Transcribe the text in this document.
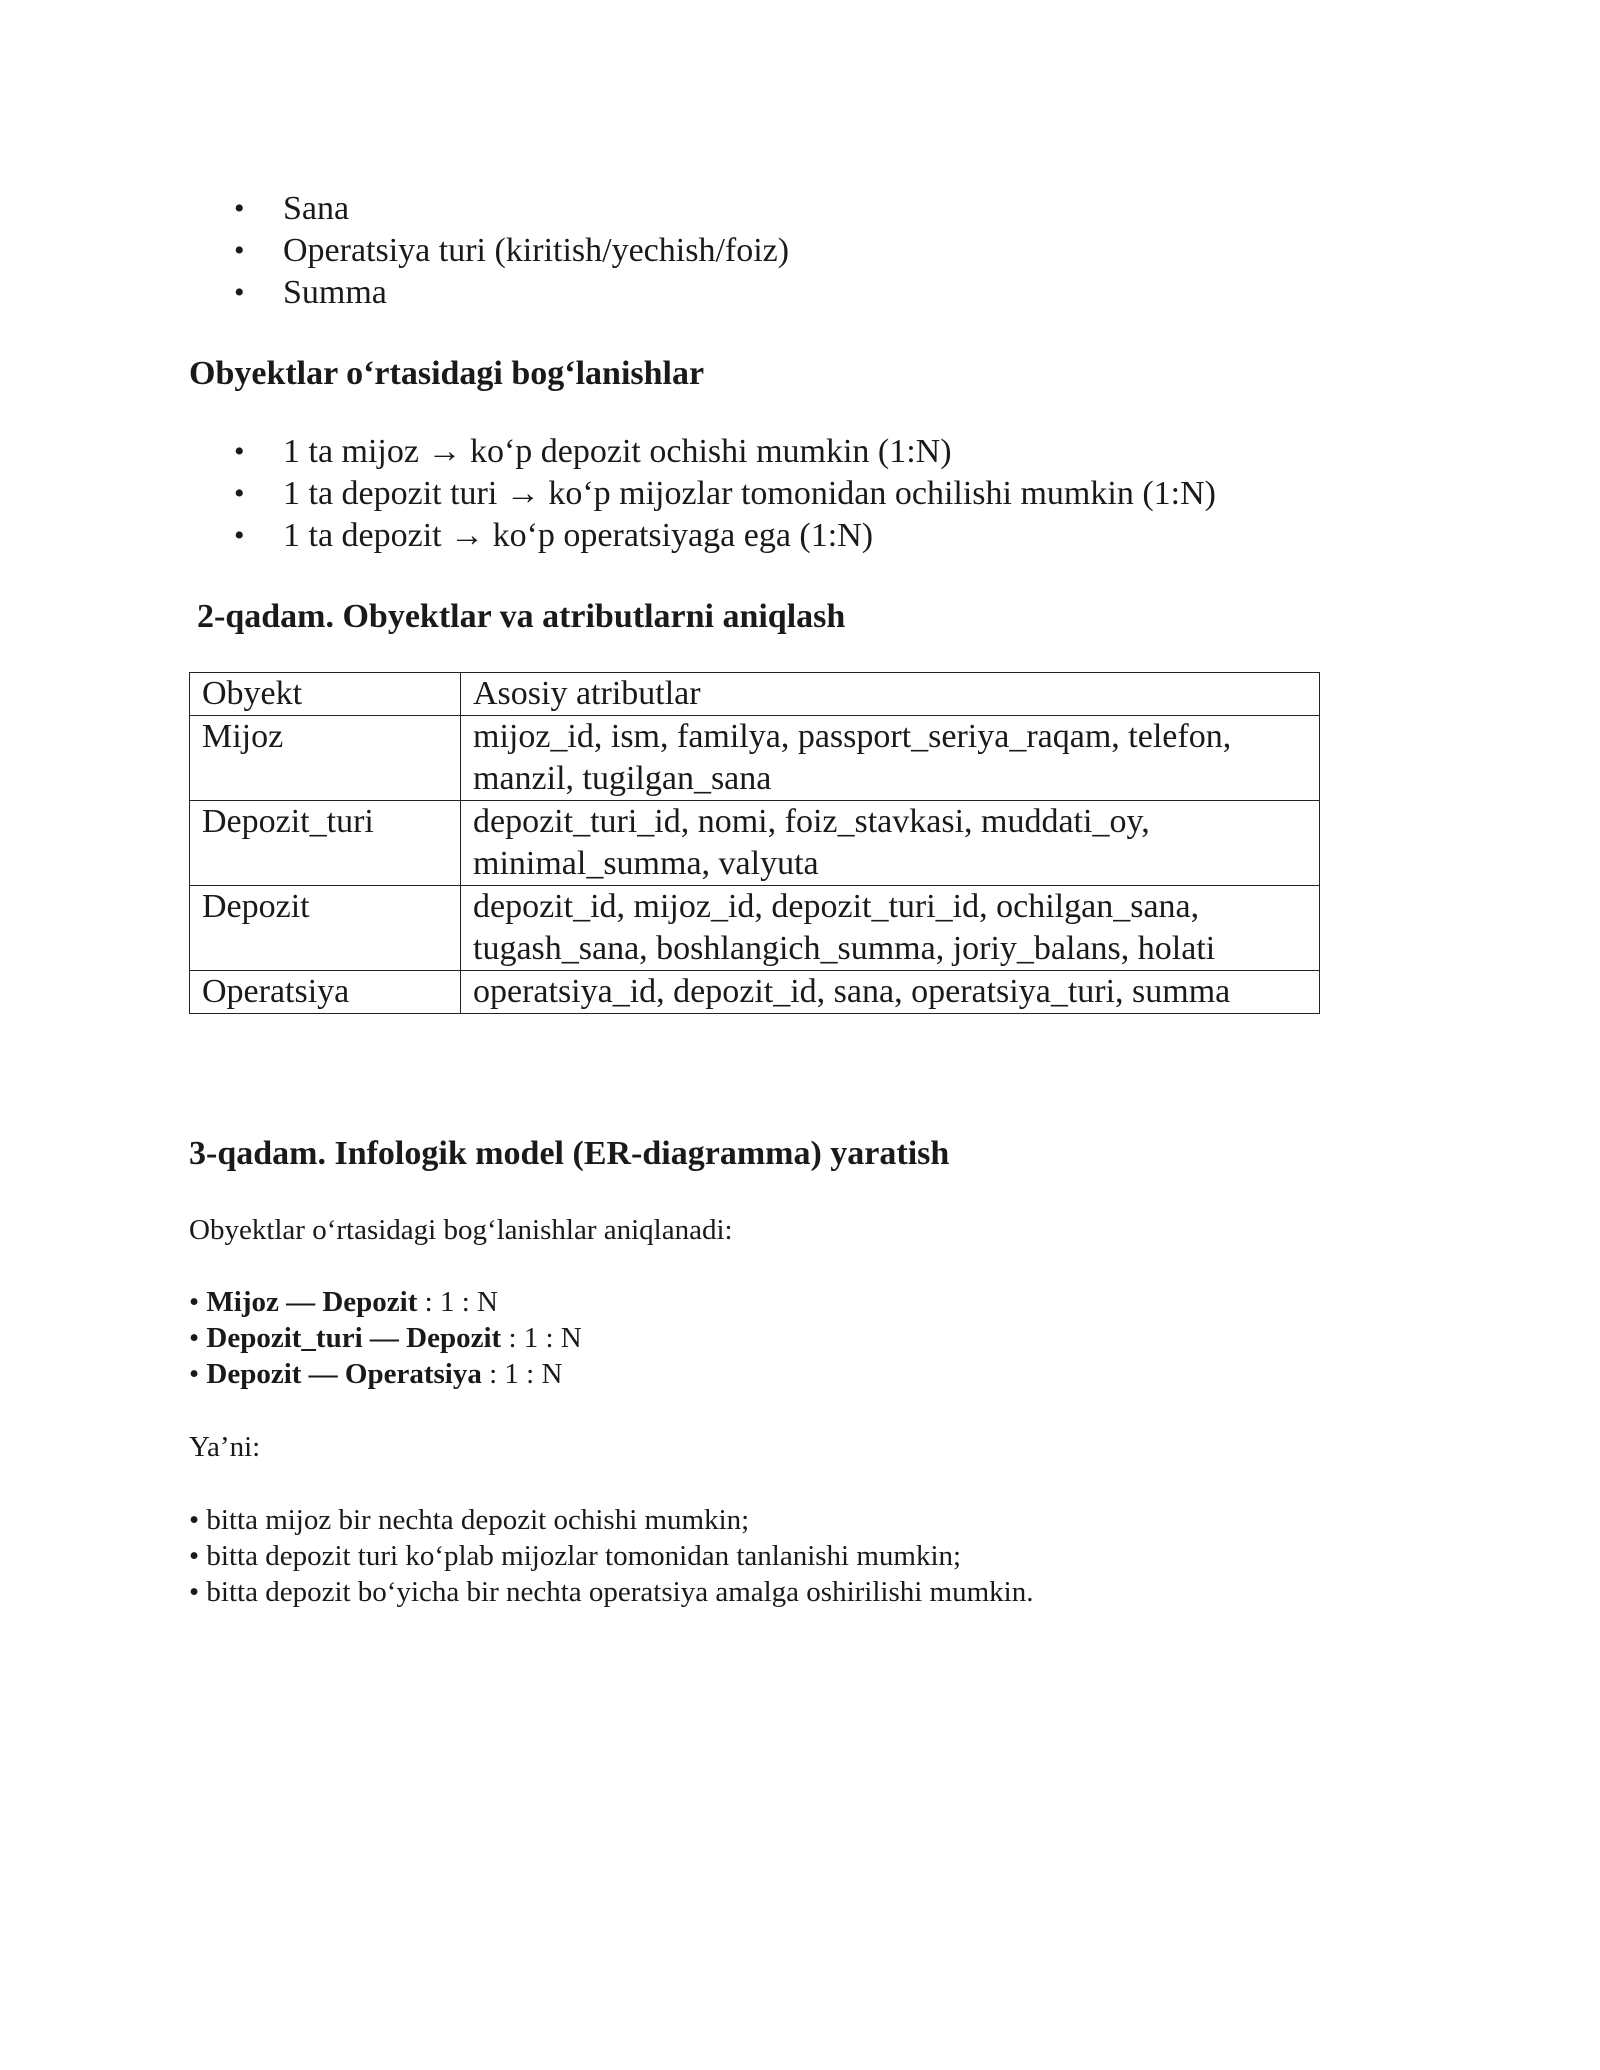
• Sana
• Operatsiya turi (kiritish/yechish/foiz)
• Summa
Obyektlar o‘rtasidagi bog‘lanishlar
• 1 ta mijoz → ko‘p depozit ochishi mumkin (1:N)
• 1 ta depozit turi → ko‘p mijozlar tomonidan ochilishi mumkin (1:N)
• 1 ta depozit → ko‘p operatsiyaga ega (1:N)
2-qadam. Obyektlar va atributlarni aniqlash
Obyekt	Asosiy atributlar
Mijoz	mijoz_id, ism, familya, passport_seriya_raqam, telefon,
manzil, tugilgan_sana

Depozit_turi	depozit_turi_id, nomi, foiz_stavkasi, muddati_oy,
minimal_summa, valyuta

Depozit	depozit_id, mijoz_id, depozit_turi_id, ochilgan_sana,
tugash_sana, boshlangich_summa, joriy_balans, holati

Operatsiya	operatsiya_id, depozit_id, sana, operatsiya_turi, summa
3-qadam. Infologik model (ER-diagramma) yaratish

Obyektlar o‘rtasidagi bog‘lanishlar aniqlanadi:

• Mijoz — Depozit : 1 : N
• Depozit_turi — Depozit : 1 : N
• Depozit — Operatsiya : 1 : N

Ya’ni:

• bitta mijoz bir nechta depozit ochishi mumkin;
• bitta depozit turi ko‘plab mijozlar tomonidan tanlanishi mumkin;
• bitta depozit bo‘yicha bir nechta operatsiya amalga oshirilishi mumkin.
